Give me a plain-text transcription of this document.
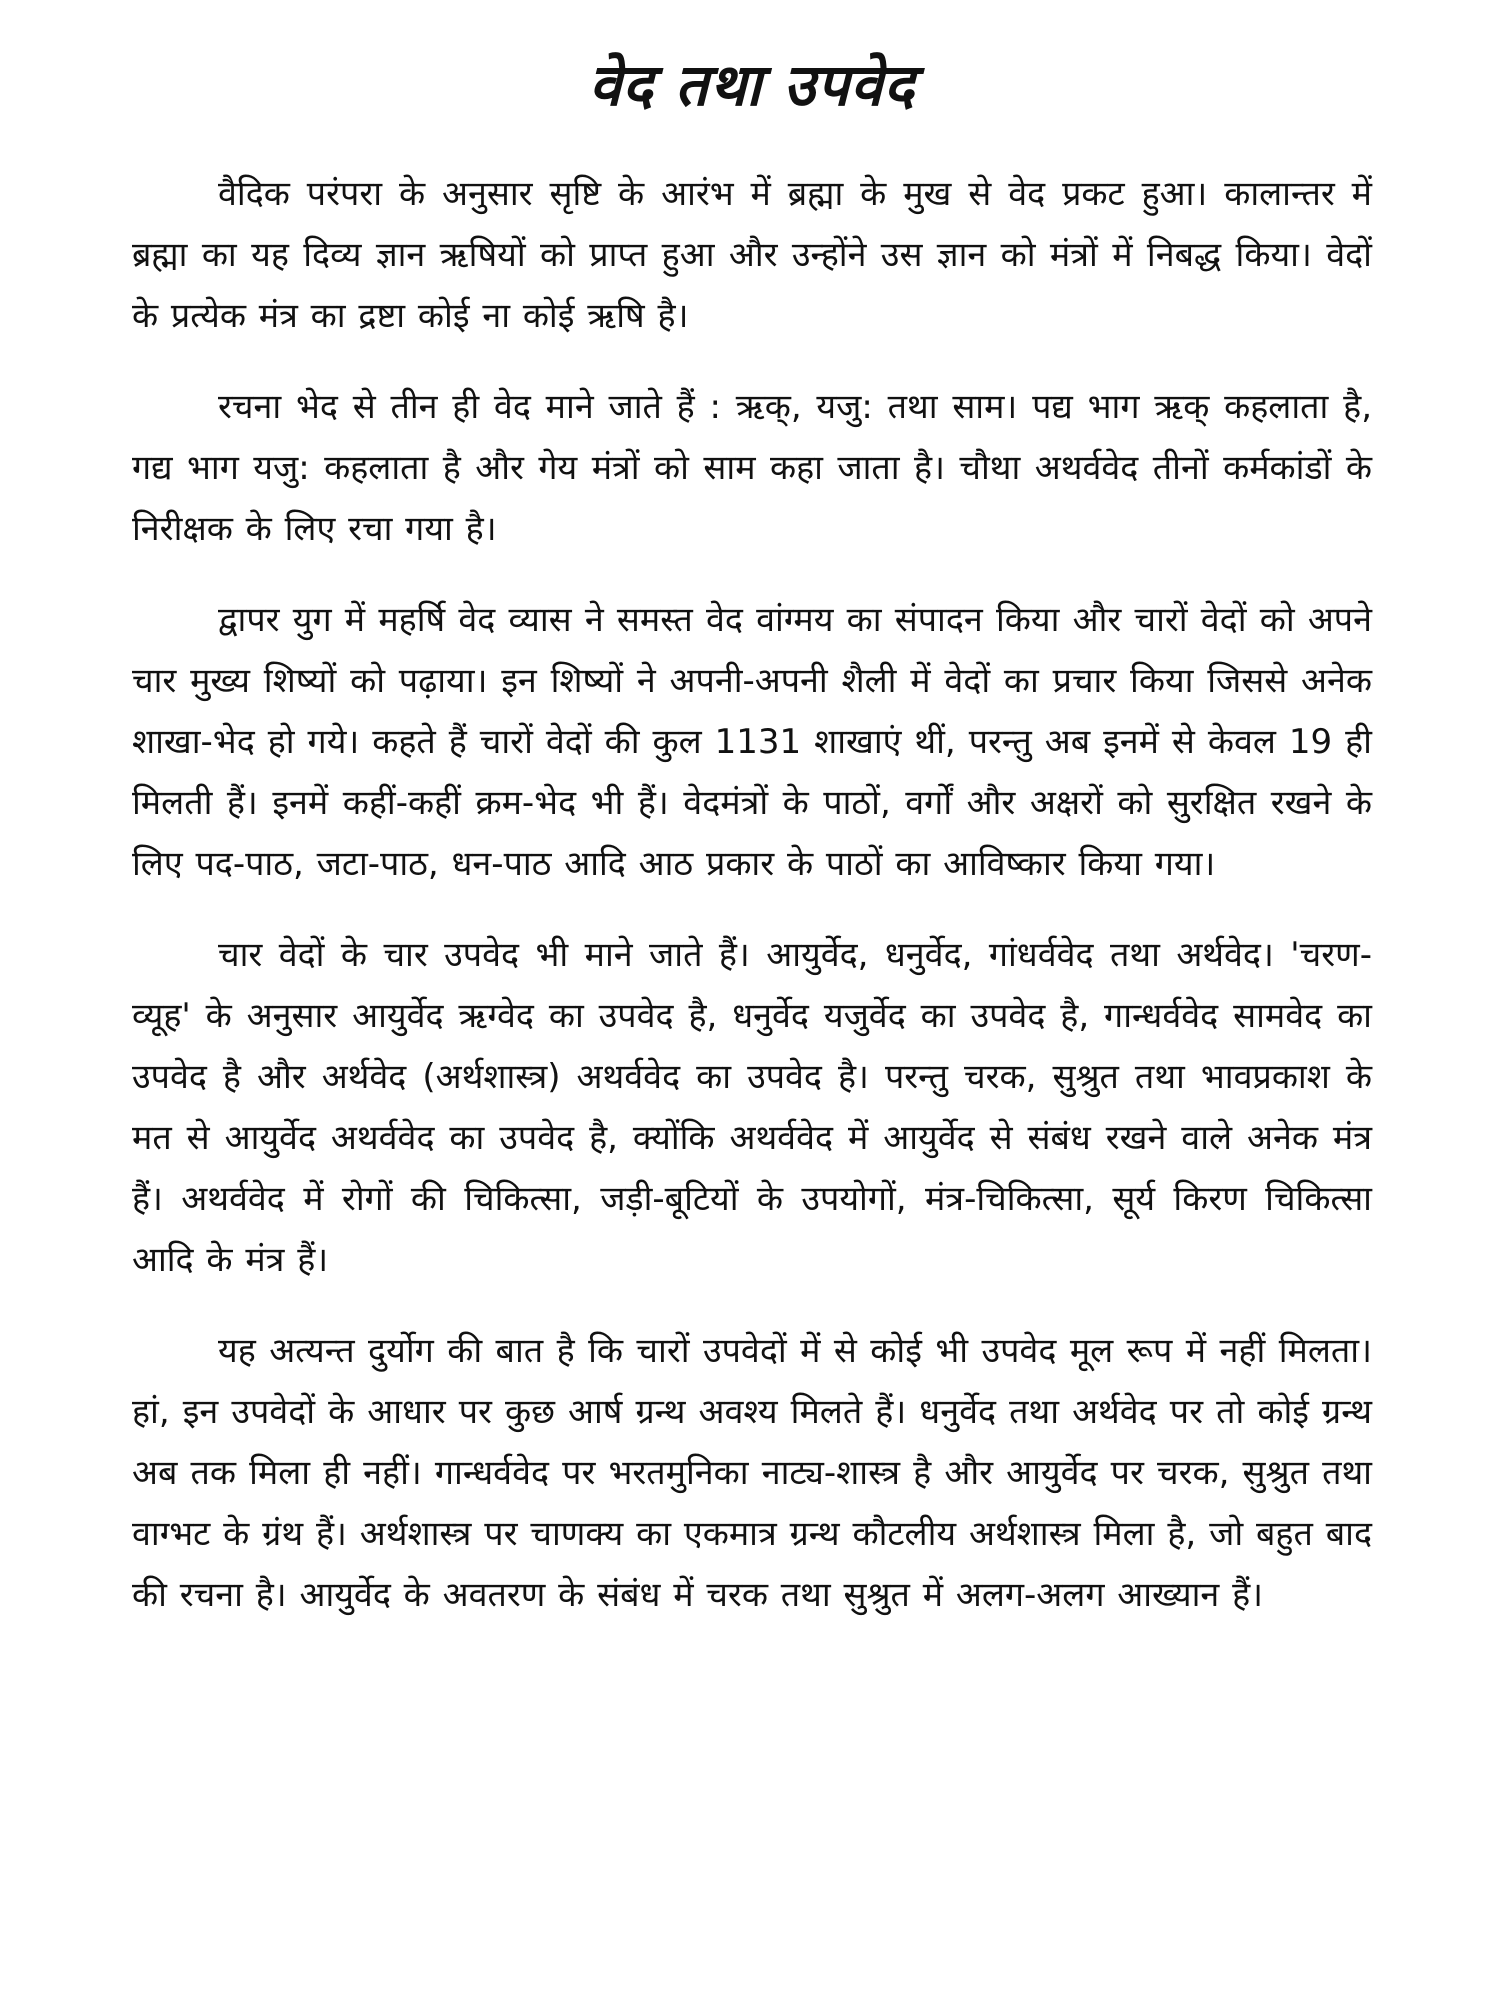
वेद तथा उपवेद

वैदिक परंपरा के अनुसार सृष्टि के आरंभ में ब्रह्मा के मुख से वेद प्रकट हुआ। कालान्तर में ब्रह्मा का यह दिव्य ज्ञान ऋषियों को प्राप्त हुआ और उन्होंने उस ज्ञान को मंत्रों में निबद्ध किया। वेदों के प्रत्येक मंत्र का द्रष्टा कोई ना कोई ऋषि है।

रचना भेद से तीन ही वेद माने जाते हैं : ऋक्, यजु: तथा साम। पद्य भाग ऋक् कहलाता है, गद्य भाग यजु: कहलाता है और गेय मंत्रों को साम कहा जाता है। चौथा अथर्ववेद तीनों कर्मकांडों के निरीक्षक के लिए रचा गया है।

द्वापर युग में महर्षि वेद व्यास ने समस्त वेद वांग्मय का संपादन किया और चारों वेदों को अपने चार मुख्य शिष्यों को पढ़ाया। इन शिष्यों ने अपनी-अपनी शैली में वेदों का प्रचार किया जिससे अनेक शाखा-भेद हो गये। कहते हैं चारों वेदों की कुल 1131 शाखाएं थीं, परन्तु अब इनमें से केवल 19 ही मिलती हैं। इनमें कहीं-कहीं क्रम-भेद भी हैं। वेदमंत्रों के पाठों, वर्गों और अक्षरों को सुरक्षित रखने के लिए पद-पाठ, जटा-पाठ, धन-पाठ आदि आठ प्रकार के पाठों का आविष्कार किया गया।

चार वेदों के चार उपवेद भी माने जाते हैं। आयुर्वेद, धनुर्वेद, गांधर्ववेद तथा अर्थवेद। 'चरण-व्यूह' के अनुसार आयुर्वेद ऋग्वेद का उपवेद है, धनुर्वेद यजुर्वेद का उपवेद है, गान्धर्ववेद सामवेद का उपवेद है और अर्थवेद (अर्थशास्त्र) अथर्ववेद का उपवेद है। परन्तु चरक, सुश्रुत तथा भावप्रकाश के मत से आयुर्वेद अथर्ववेद का उपवेद है, क्योंकि अथर्ववेद में आयुर्वेद से संबंध रखने वाले अनेक मंत्र हैं। अथर्ववेद में रोगों की चिकित्सा, जड़ी-बूटियों के उपयोगों, मंत्र-चिकित्सा, सूर्य किरण चिकित्सा आदि के मंत्र हैं।

यह अत्यन्त दुर्योग की बात है कि चारों उपवेदों में से कोई भी उपवेद मूल रूप में नहीं मिलता। हां, इन उपवेदों के आधार पर कुछ आर्ष ग्रन्थ अवश्य मिलते हैं। धनुर्वेद तथा अर्थवेद पर तो कोई ग्रन्थ अब तक मिला ही नहीं। गान्धर्ववेद पर भरतमुनिका नाट्य-शास्त्र है और आयुर्वेद पर चरक, सुश्रुत तथा वाग्भट के ग्रंथ हैं। अर्थशास्त्र पर चाणक्य का एकमात्र ग्रन्थ कौटलीय अर्थशास्त्र मिला है, जो बहुत बाद की रचना है। आयुर्वेद के अवतरण के संबंध में चरक तथा सुश्रुत में अलग-अलग आख्यान हैं।
